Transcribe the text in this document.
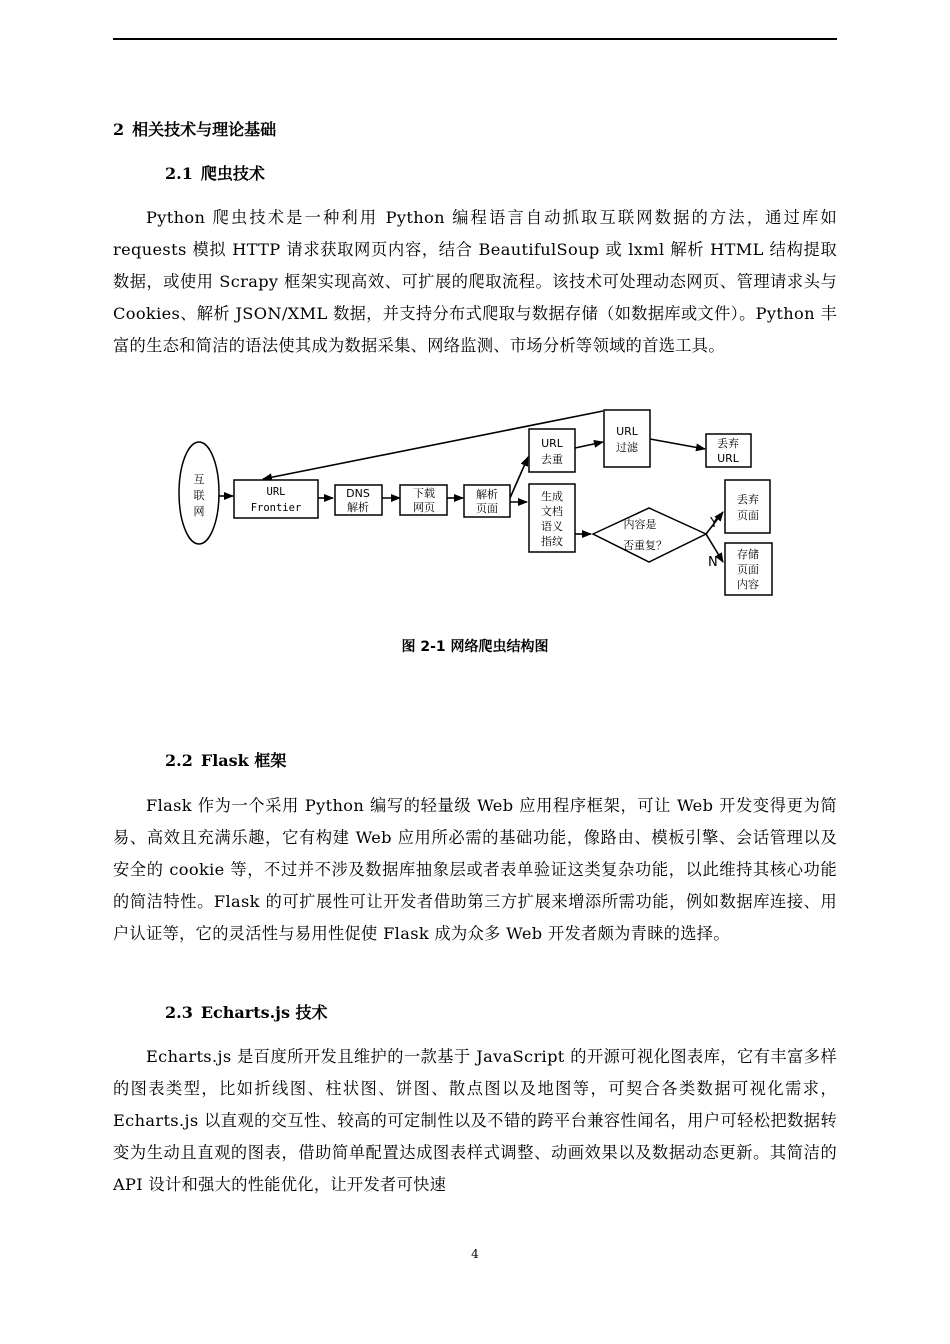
2 相关技术与理论基础
2.1 爬虫技术

Python 爬虫技术是一种利用 Python 编程语言自动抓取互联网数据的方法，通过库如 requests 模拟 HTTP 请求获取网页内容，结合 BeautifulSoup 或 lxml 解析 HTML 结构提取数据，或使用 Scrapy 框架实现高效、可扩展的爬取流程。该技术可处理动态网页、管理请求头与 Cookies、解析 JSON/XML 数据，并支持分布式爬取与数据存储（如数据库或文件）。Python 丰富的生态和简洁的语法使其成为数据采集、网络监测、市场分析等领域的首选工具。

互
联
网
URL
Frontier
DNS
解析
下载
网页
解析
页面
URL
去重
URL
过滤	丢弃
URL
生成
文档
语义
指纹
内容是
否重复？
Y
N
丢弃
页面
存储
页面
内容
图 2-1 网络爬虫结构图
2.2 Flask 框架

Flask 作为一个采用 Python 编写的轻量级 Web 应用程序框架，可让 Web 开发变得更为简易、高效且充满乐趣，它有构建 Web 应用所必需的基础功能，像路由、模板引擎、会话管理以及安全的 cookie 等，不过并不涉及数据库抽象层或者表单验证这类复杂功能，以此维持其核心功能的简洁特性。Flask 的可扩展性可让开发者借助第三方扩展来增添所需功能，例如数据库连接、用户认证等，它的灵活性与易用性促使 Flask 成为众多 Web 开发者颇为青睐的选择。

2.3 Echarts.js 技术

Echarts.js 是百度所开发且维护的一款基于 JavaScript 的开源可视化图表库，它有丰富多样的图表类型，比如折线图、柱状图、饼图、散点图以及地图等，可契合各类数据可视化需求，Echarts.js 以直观的交互性、较高的可定制性以及不错的跨平台兼容性闻名，用户可轻松把数据转变为生动且直观的图表，借助简单配置达成图表样式调整、动画效果以及数据动态更新。其简洁的 API 设计和强大的性能优化，让开发者可快速

4
